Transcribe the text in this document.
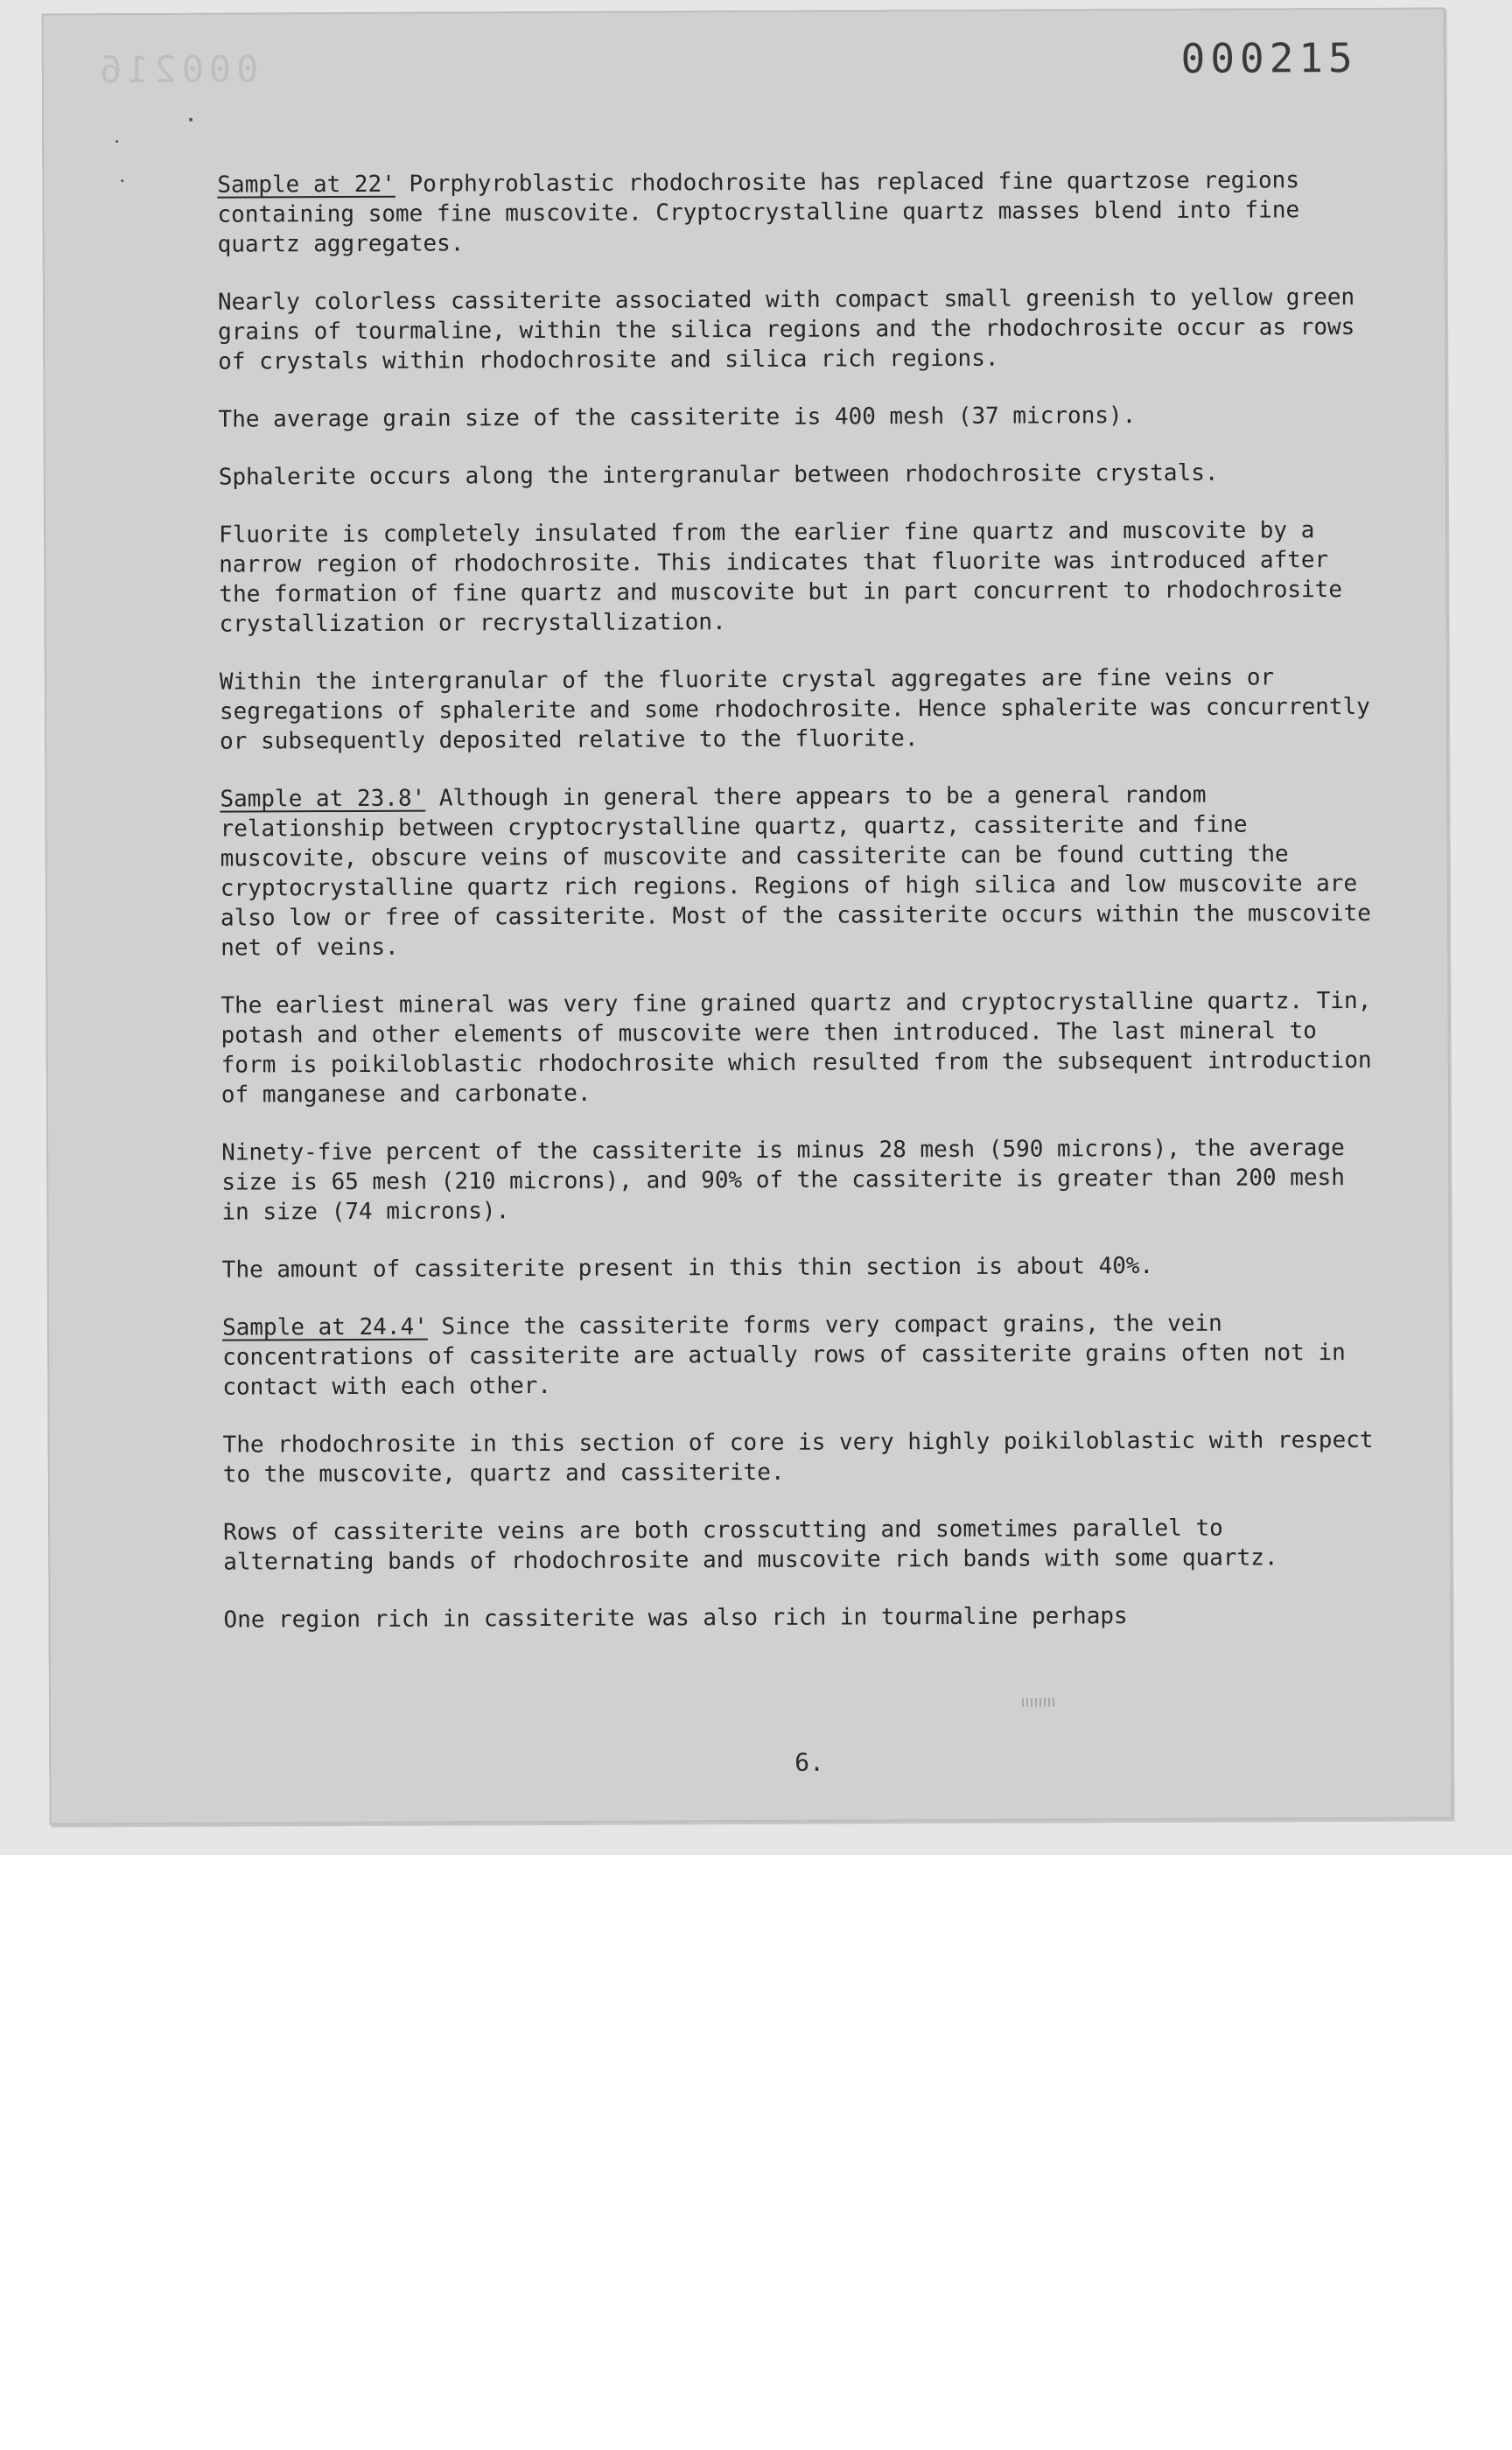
000216	000215

Sample at 22' Porphyroblastic rhodochrosite has replaced fine quartzose regions containing some fine muscovite. Cryptocrystalline quartz masses blend into fine quartz aggregates.

Nearly colorless cassiterite associated with compact small greenish to yellow green grains of tourmaline, within the silica regions and the rhodochrosite occur as rows of crystals within rhodochrosite and silica rich regions.

The average grain size of the cassiterite is 400 mesh (37 microns).

Sphalerite occurs along the intergranular between rhodochrosite crystals.

Fluorite is completely insulated from the earlier fine quartz and muscovite by a narrow region of rhodochrosite. This indicates that fluorite was introduced after the formation of fine quartz and muscovite but in part concurrent to rhodochrosite crystallization or recrystallization.

Within the intergranular of the fluorite crystal aggregates are fine veins or segregations of sphalerite and some rhodochrosite. Hence sphalerite was concurrently or subsequently deposited relative to the fluorite.

Sample at 23.8' Although in general there appears to be a general random relationship between cryptocrystalline quartz, quartz, cassiterite and fine muscovite, obscure veins of muscovite and cassiterite can be found cutting the cryptocrystalline quartz rich regions. Regions of high silica and low muscovite are also low or free of cassiterite. Most of the cassiterite occurs within the muscovite net of veins.

The earliest mineral was very fine grained quartz and cryptocrystalline quartz. Tin, potash and other elements of muscovite were then introduced. The last mineral to form is poikiloblastic rhodochrosite which resulted from the subsequent introduction of manganese and carbonate.

Ninety-five percent of the cassiterite is minus 28 mesh (590 microns), the average size is 65 mesh (210 microns), and 90% of the cassiterite is greater than 200 mesh in size (74 microns).

The amount of cassiterite present in this thin section is about 40%.

Sample at 24.4' Since the cassiterite forms very compact grains, the vein concentrations of cassiterite are actually rows of cassiterite grains often not in contact with each other.

The rhodochrosite in this section of core is very highly poikiloblastic with respect to the muscovite, quartz and cassiterite.

Rows of cassiterite veins are both crosscutting and sometimes parallel to alternating bands of rhodochrosite and muscovite rich bands with some quartz.

One region rich in cassiterite was also rich in tourmaline perhaps

6.
